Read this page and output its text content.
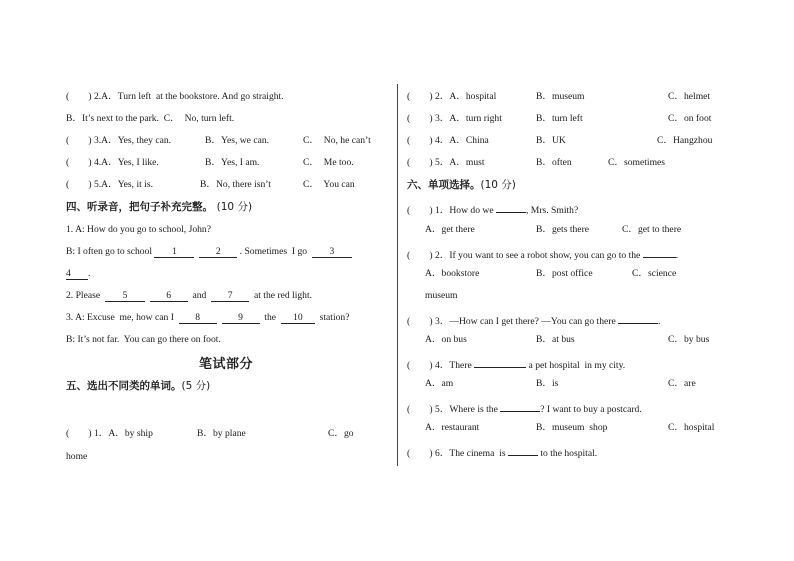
(        ) 2.A．Turn left  at the bookstore. And go straight.
B．It’s next to the park.  C．  No, turn left.
(        ) 3.A．Yes, they can.	B．Yes, we can.	C．  No, he can’t
(        ) 4.A．Yes, I like.	B．Yes, I am.	C．  Me too.
(        ) 5.A．Yes, it is.	B．No, there isn’t	C．  You can
四、听录音，把句子补充完整。 (10 分)
1. A: How do you go to school, John?
B: I often go to school 1	2 . Sometimes  I go  3
4 .
2. Please  5	6  and  7  at the red light.
3. A: Excuse  me, how can I  8	9  the  10  station?
B: It’s not far.  You can go there on foot.
笔试部分
五、选出不同类的单词。(5 分)
(        ) 1．A．by ship	B．by plane	C．go
home
(        ) 2．A．hospital	B．museum	C．helmet
(        ) 3．A．turn right	B．turn left	C．on foot
(        ) 4．A．China	B．UK	C．Hangzhou
(        ) 5．A．must	B．often	C．sometimes
六、单项选择。(10 分)
(        ) 1．How do we	, Mrs. Smith?
A．get there	B．gets there	C．get to there
(        ) 2．If you want to see a robot show, you can go to the	.
A．bookstore	B．post office	C．science
museum
(        ) 3．—How can I get there? —You can go there	.
A．on bus	B．at bus	C．by bus
(        ) 4．There	a pet hospital  in my city.
A．am	B．is	C．are
(        ) 5．Where is the	? I want to buy a postcard.
A．restaurant	B．museum  shop	C．hospital
(        ) 6．The cinema  is	to the hospital.
